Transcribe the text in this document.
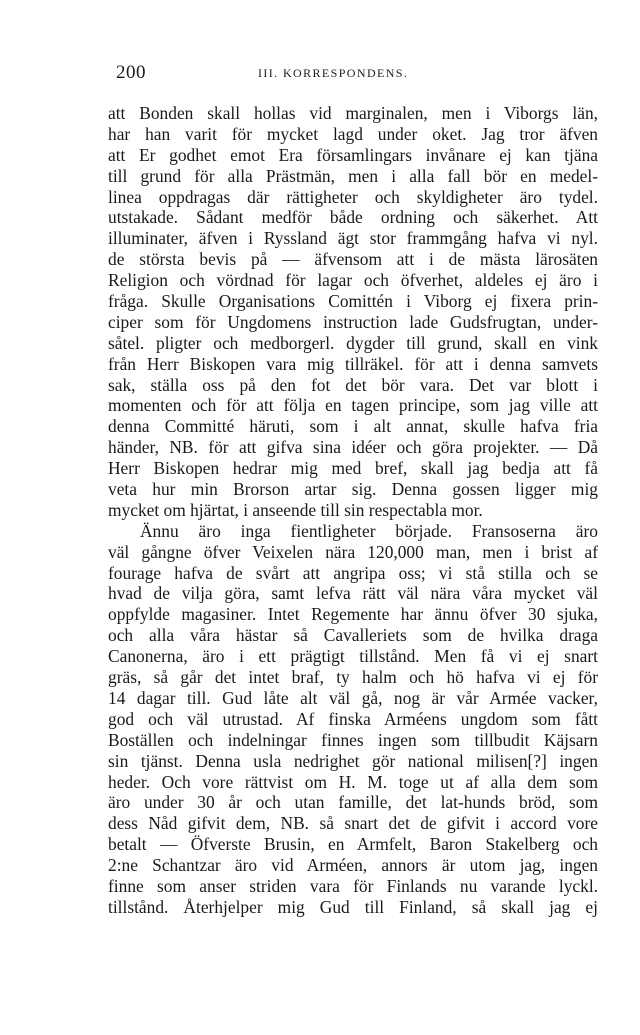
200	III. KORRESPONDENS.
att Bonden skall hollas vid marginalen, men i Viborgs län,
har han varit för mycket lagd under oket. Jag tror äfven
att Er godhet emot Era församlingars invånare ej kan tjäna
till grund för alla Prästmän, men i alla fall bör en medel-
linea oppdragas där rättigheter och skyldigheter äro tydel.
utstakade. Sådant medför både ordning och säkerhet. Att
illuminater, äfven i Ryssland ägt stor frammgång hafva vi nyl.
de största bevis på — äfvensom att i de mästa lärosäten
Religion och vördnad för lagar och öfverhet, aldeles ej äro i
fråga. Skulle Organisations Comittén i Viborg ej fixera prin-
ciper som för Ungdomens instruction lade Gudsfrugtan, under-
såtel. pligter och medborgerl. dygder till grund, skall en vink
från Herr Biskopen vara mig tillräkel. för att i denna samvets
sak, ställa oss på den fot det bör vara. Det var blott i
momenten och för att följa en tagen principe, som jag ville att
denna Committé häruti, som i alt annat, skulle hafva fria
händer, NB. för att gifva sina idéer och göra projekter. — Då
Herr Biskopen hedrar mig med bref, skall jag bedja att få
veta hur min Brorson artar sig. Denna gossen ligger mig
mycket om hjärtat, i anseende till sin respectabla mor.
Ännu äro inga fientligheter började. Fransoserna äro
väl gångne öfver Veixelen nära 120,000 man, men i brist af
fourage hafva de svårt att angripa oss; vi stå stilla och se
hvad de vilja göra, samt lefva rätt väl nära våra mycket väl
oppfylde magasiner. Intet Regemente har ännu öfver 30 sjuka,
och alla våra hästar så Cavalleriets som de hvilka draga
Canonerna, äro i ett prägtigt tillstånd. Men få vi ej snart
gräs, så går det intet braf, ty halm och hö hafva vi ej för
14 dagar till. Gud låte alt väl gå, nog är vår Armée vacker,
god och väl utrustad. Af finska Arméens ungdom som fått
Boställen och indelningar finnes ingen som tillbudit Käjsarn
sin tjänst. Denna usla nedrighet gör national milisen[?] ingen
heder. Och vore rättvist om H. M. toge ut af alla dem som
äro under 30 år och utan famille, det lat-hunds bröd, som
dess Nåd gifvit dem, NB. så snart det de gifvit i accord vore
betalt — Öfverste Brusin, en Armfelt, Baron Stakelberg och
2:ne Schantzar äro vid Arméen, annors är utom jag, ingen
finne som anser striden vara för Finlands nu varande lyckl.
tillstånd. Återhjelper mig Gud till Finland, så skall jag ej
